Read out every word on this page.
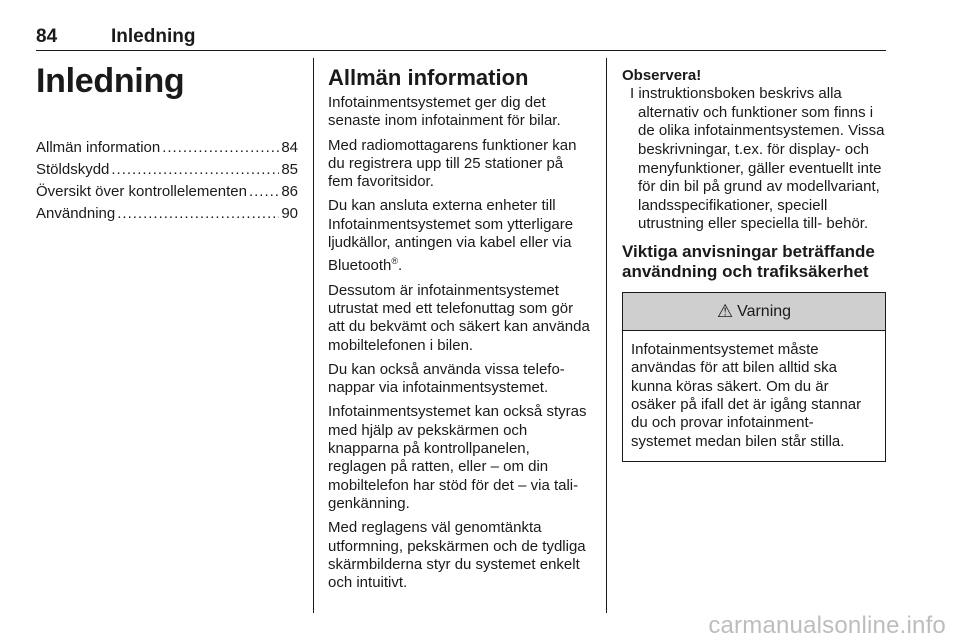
84	Inledning
Inledning
Allmän information .....	84
Stöldskydd .....	85
Översikt över kontrollelementen ..... 86
Användning .....	90
Allmän information

Infotainmentsystemet ger dig det senaste inom infotainment för bilar.

Med radiomottagarens funktioner kan du registrera upp till 25 stationer på fem favoritsidor.

Du kan ansluta externa enheter till Infotainmentsystemet som ytterligare ljudkällor, antingen via kabel eller via Bluetooth®.

Dessutom är infotainmentsystemet utrustat med ett telefonuttag som gör att du bekvämt och säkert kan använda mobiltelefonen i bilen.

Du kan också använda vissa telefo‐ nappar via infotainmentsystemet.

Infotainmentsystemet kan också styras med hjälp av pekskärmen och knapparna på kontrollpanelen, reglagen på ratten, eller – om din mobiltelefon har stöd för det – via tali‐ genkänning.

Med reglagens väl genomtänkta utformning, pekskärmen och de tydliga skärmbilderna styr du systemet enkelt och intuitivt.

Observera!
I instruktionsboken beskrivs alla alternativ och funktioner som finns i de olika infotainmentsystemen. Vissa beskrivningar, t.ex. för display- och menyfunktioner, gäller eventuellt inte för din bil på grund av modellvariant, landsspecifikationer, speciell utrustning eller speciella till‐ behör.
Viktiga anvisningar beträffande användning och trafiksäkerhet
⚠ Varning
Infotainmentsystemet måste användas för att bilen alltid ska kunna köras säkert. Om du är osäker på ifall det är igång stannar du och provar infotainment‐ systemet medan bilen står stilla.
carmanualsonline.info
